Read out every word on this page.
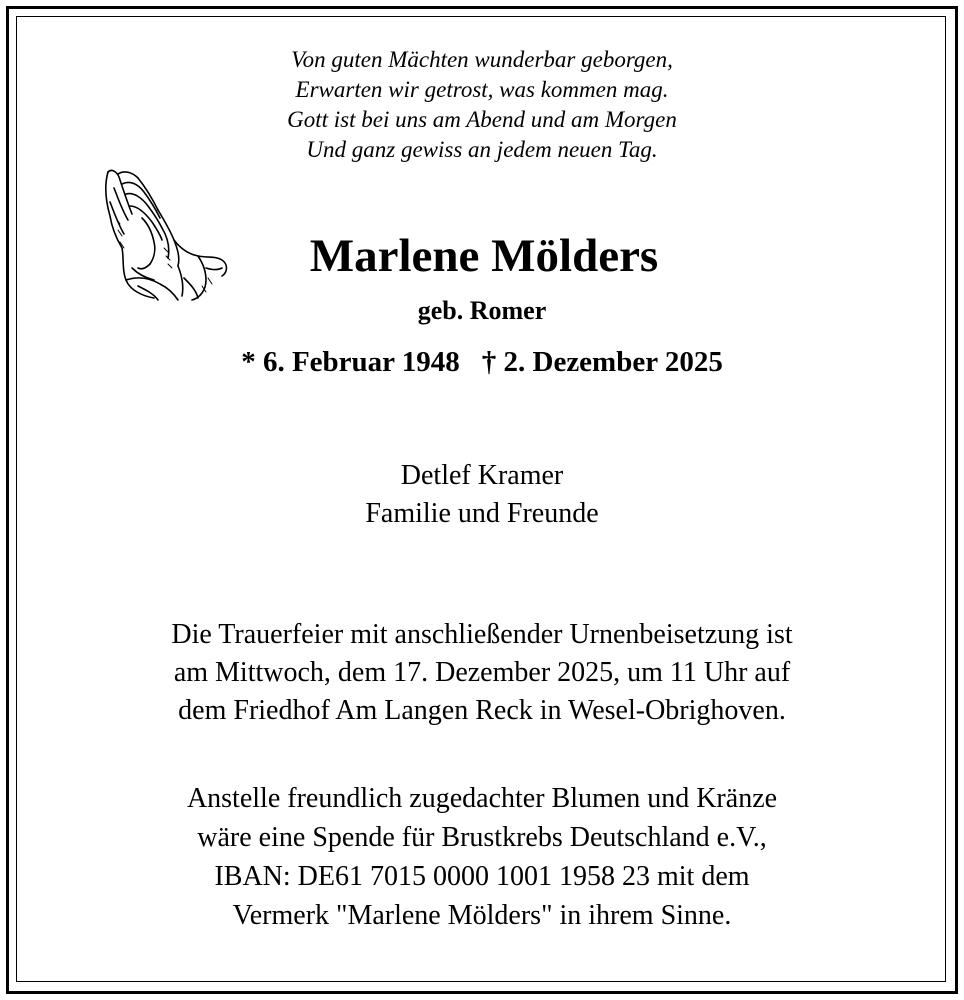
Von guten Mächten wunderbar geborgen,
Erwarten wir getrost, was kommen mag.
Gott ist bei uns am Abend und am Morgen
Und ganz gewiss an jedem neuen Tag.
Marlene Mölders
geb. Romer
* 6. Februar 1948 † 2. Dezember 2025
Detlef Kramer
Familie und Freunde
Die Trauerfeier mit anschließender Urnenbeisetzung ist
am Mittwoch, dem 17. Dezember 2025, um 11 Uhr auf
dem Friedhof Am Langen Reck in Wesel-Obrighoven.
Anstelle freundlich zugedachter Blumen und Kränze
wäre eine Spende für Brustkrebs Deutschland e.V.,
IBAN: DE61 7015 0000 1001 1958 23 mit dem
Vermerk "Marlene Mölders" in ihrem Sinne.
